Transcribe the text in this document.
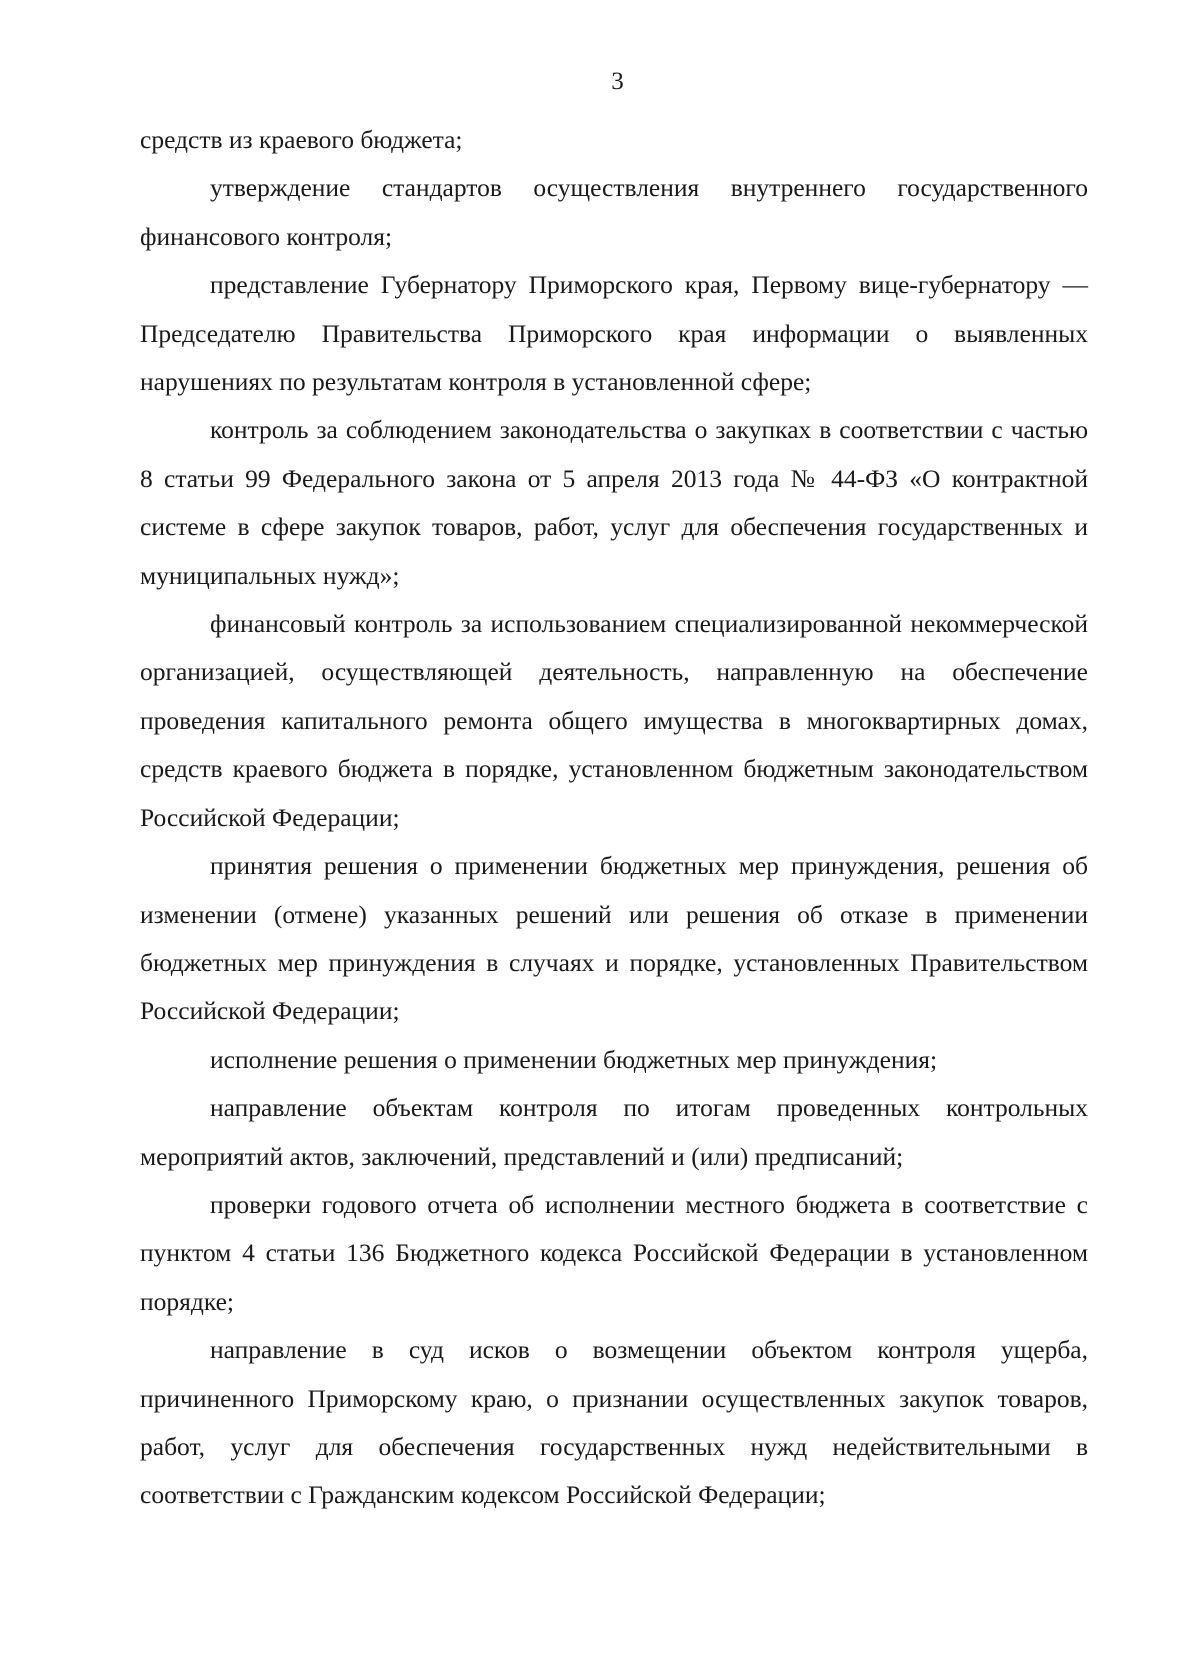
3

средств из краевого бюджета;

утверждение стандартов осуществления внутреннего государственного финансового контроля;

представление Губернатору Приморского края, Первому вице-губернатору — Председателю Правительства Приморского края информации о выявленных нарушениях по результатам контроля в установленной сфере;

контроль за соблюдением законодательства о закупках в соответствии с частью 8 статьи 99 Федерального закона от 5 апреля 2013 года № 44-ФЗ «О контрактной системе в сфере закупок товаров, работ, услуг для обеспечения государственных и муниципальных нужд»;

финансовый контроль за использованием специализированной некоммерческой организацией, осуществляющей деятельность, направленную на обеспечение проведения капитального ремонта общего имущества в многоквартирных домах, средств краевого бюджета в порядке, установленном бюджетным законодательством Российской Федерации;

принятия решения о применении бюджетных мер принуждения, решения об изменении (отмене) указанных решений или решения об отказе в применении бюджетных мер принуждения в случаях и порядке, установленных Правительством Российской Федерации;

исполнение решения о применении бюджетных мер принуждения;

направление объектам контроля по итогам проведенных контрольных мероприятий актов, заключений, представлений и (или) предписаний;

проверки годового отчета об исполнении местного бюджета в соответствие с пунктом 4 статьи 136 Бюджетного кодекса Российской Федерации в установленном порядке;

направление в суд исков о возмещении объектом контроля ущерба, причиненного Приморскому краю, о признании осуществленных закупок товаров, работ, услуг для обеспечения государственных нужд недействительными в соответствии с Гражданским кодексом Российской Федерации;
